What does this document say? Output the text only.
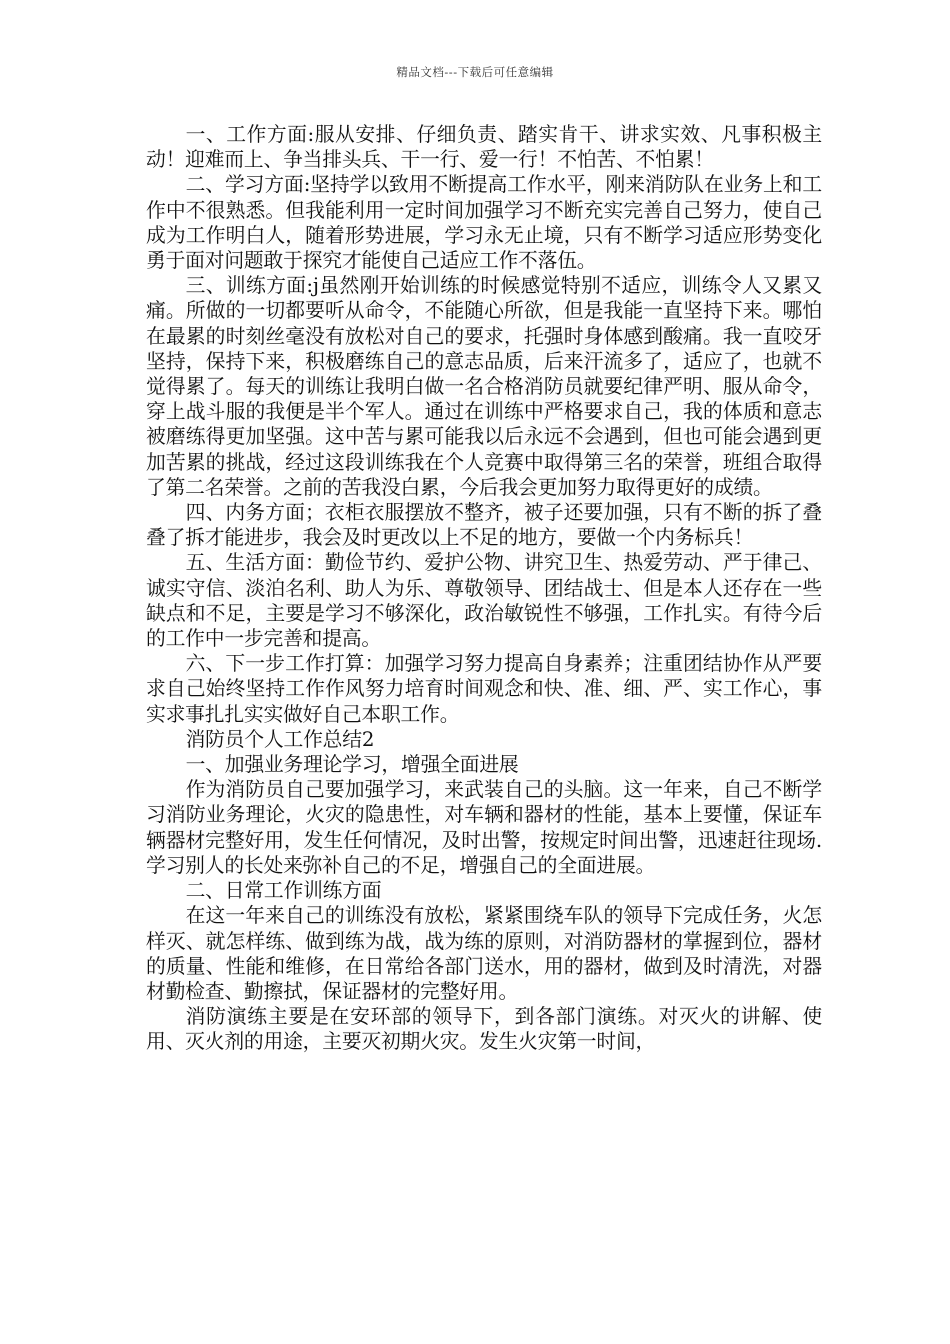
精品文档---下载后可任意编辑

一、工作方面:服从安排、仔细负责、踏实肯干、讲求实效、凡事积极主动！迎难而上、争当排头兵、干一行、爱一行！不怕苦、不怕累！

二、学习方面:坚持学以致用不断提高工作水平，刚来消防队在业务上和工作中不很熟悉。但我能利用一定时间加强学习不断充实完善自己努力，使自己成为工作明白人，随着形势进展，学习永无止境，只有不断学习适应形势变化勇于面对问题敢于探究才能使自己适应工作不落伍。

三、训练方面:j虽然刚开始训练的时候感觉特别不适应，训练令人又累又痛。所做的一切都要听从命令，不能随心所欲，但是我能一直坚持下来。哪怕在最累的时刻丝毫没有放松对自己的要求，托强时身体感到酸痛。我一直咬牙坚持，保持下来，积极磨练自己的意志品质，后来汗流多了，适应了，也就不觉得累了。每天的训练让我明白做一名合格消防员就要纪律严明、服从命令，穿上战斗服的我便是半个军人。通过在训练中严格要求自己，我的体质和意志被磨练得更加坚强。这中苦与累可能我以后永远不会遇到，但也可能会遇到更加苦累的挑战，经过这段训练我在个人竞赛中取得第三名的荣誉，班组合取得了第二名荣誉。之前的苦我没白累，今后我会更加努力取得更好的成绩。

四、内务方面；衣柜衣服摆放不整齐，被子还要加强，只有不断的拆了叠叠了拆才能进步，我会及时更改以上不足的地方，要做一个内务标兵！

五、生活方面：勤俭节约、爱护公物、讲究卫生、热爱劳动、严于律己、诚实守信、淡泊名利、助人为乐、尊敬领导、团结战士、但是本人还存在一些缺点和不足，主要是学习不够深化，政治敏锐性不够强，工作扎实。有待今后的工作中一步完善和提高。

六、下一步工作打算：加强学习努力提高自身素养；注重团结协作从严要求自己始终坚持工作作风努力培育时间观念和快、准、细、严、实工作心，事实求事扎扎实实做好自己本职工作。

消防员个人工作总结2

一、加强业务理论学习，增强全面进展

作为消防员自己要加强学习，来武装自己的头脑。这一年来，自己不断学习消防业务理论，火灾的隐患性，对车辆和器材的性能，基本上要懂，保证车辆器材完整好用，发生任何情况，及时出警，按规定时间出警，迅速赶往现场.学习别人的长处来弥补自己的不足，增强自己的全面进展。

二、日常工作训练方面

在这一年来自己的训练没有放松，紧紧围绕车队的领导下完成任务，火怎样灭、就怎样练、做到练为战，战为练的原则，对消防器材的掌握到位，器材的质量、性能和维修，在日常给各部门送水，用的器材，做到及时清洗，对器材勤检查、勤擦拭，保证器材的完整好用。

消防演练主要是在安环部的领导下，到各部门演练。对灭火的讲解、使用、灭火剂的用途，主要灭初期火灾。发生火灾第一时间，
